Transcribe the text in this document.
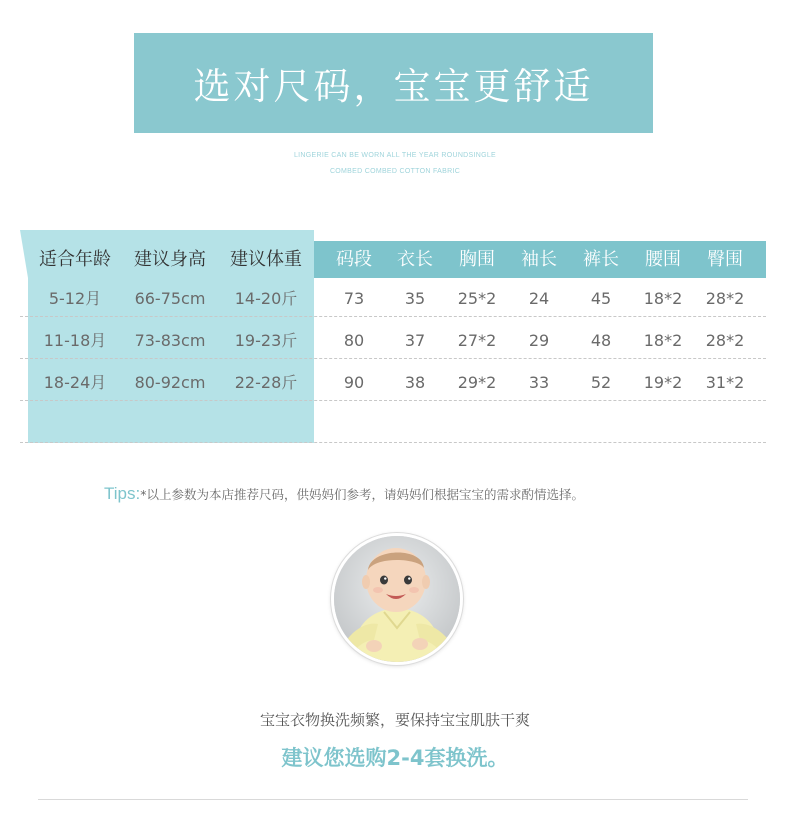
选对尺码，宝宝更舒适
LINGERIE CAN BE WORN ALL THE YEAR ROUNDSINGLE
COMBED COMBED COTTON FABRIC
适合年龄	建议身高	建议体重	码段	衣长	胸围	袖长	裤长	腰围	臀围
5-12月	66-75cm	14-20斤	73	35	25*2	24	45	18*2	28*2
11-18月	73-83cm	19-23斤	80	37	27*2	29	48	18*2	28*2
18-24月	80-92cm	22-28斤	90	38	29*2	33	52	19*2	31*2
Tips:*以上参数为本店推荐尺码，供妈妈们参考，请妈妈们根据宝宝的需求酌情选择。
宝宝衣物换洗频繁，要保持宝宝肌肤干爽
建议您选购2-4套换洗。
